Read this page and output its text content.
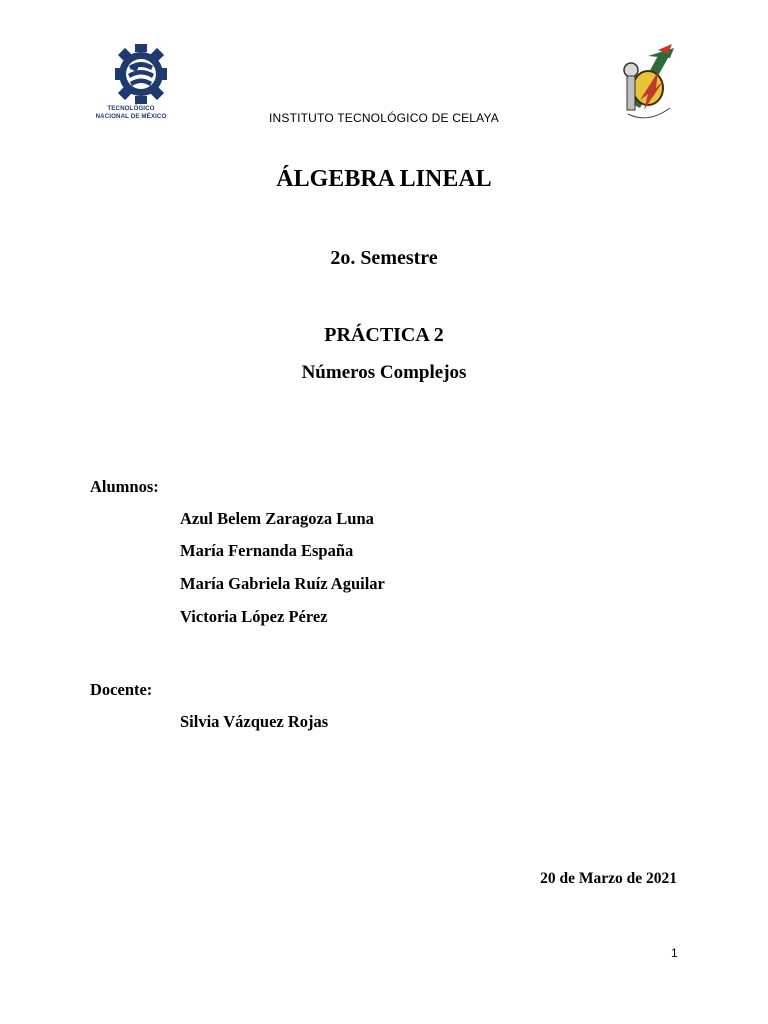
TECNOLÓGICO
NACIONAL DE MÉXICO	INSTITUTO TECNOLÓGICO DE CELAYA
ÁLGEBRA LINEAL
2o. Semestre
PRÁCTICA 2
Números Complejos
Alumnos:
Azul Belem Zaragoza Luna
María Fernanda España
María Gabriela Ruíz Aguilar
Victoria López Pérez
Docente:
Silvia Vázquez Rojas
20 de Marzo de 2021
1
